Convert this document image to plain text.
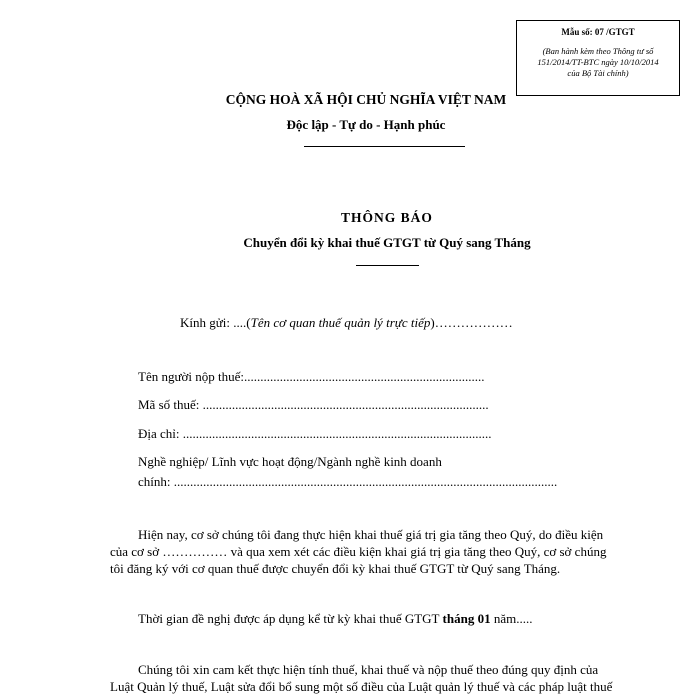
Mẫu số: 07 /GTGT
(Ban hành kèm theo Thông tư số
151/2014/TT-BTC ngày 10/10/2014
của Bộ Tài chính)
CỘNG HOÀ XÃ HỘI CHỦ NGHĨA VIỆT NAM
Độc lập - Tự do - Hạnh phúc
THÔNG BÁO
Chuyển đổi kỳ khai thuế GTGT từ Quý sang Tháng
Kính gửi: ....(Tên cơ quan thuế quản lý trực tiếp)………………
Tên người nộp thuế:..........................................................................
Mã số thuế: ........................................................................................
Địa chỉ: ...............................................................................................
Nghề nghiệp/ Lĩnh vực hoạt động/Ngành nghề kinh doanh
chính: ......................................................................................................................
Hiện nay, cơ sở chúng tôi đang thực hiện khai thuế giá trị gia tăng theo Quý, do điều kiện
của cơ sở …………… và qua xem xét các điều kiện khai giá trị gia tăng theo Quý, cơ sở chúng
tôi đăng ký với cơ quan thuế được chuyển đổi kỳ khai thuế GTGT từ Quý sang Tháng.
Thời gian đề nghị được áp dụng kể từ kỳ khai thuế GTGT tháng 01 năm.....
Chúng tôi xin cam kết thực hiện tính thuế, khai thuế và nộp thuế theo đúng quy định của
Luật Quản lý thuế, Luật sửa đổi bổ sung một số điều của Luật quản lý thuế và các pháp luật thuế
